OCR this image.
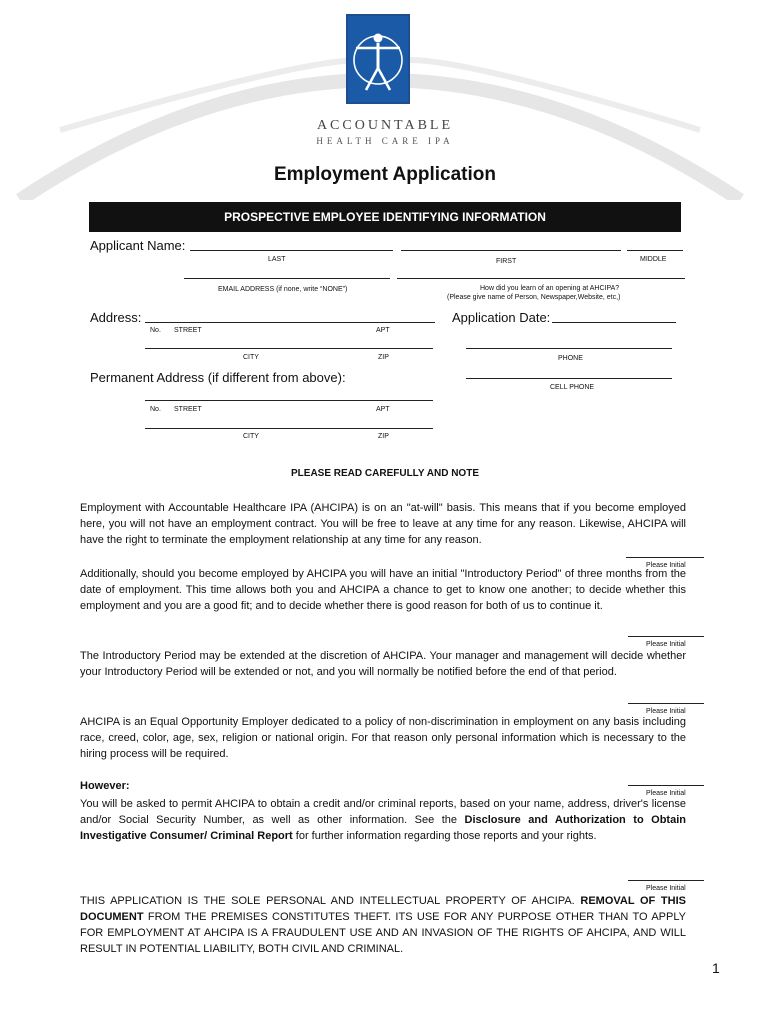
ACCOUNTABLE
HEALTH CARE IPA
Employment Application
PROSPECTIVE EMPLOYEE IDENTIFYING INFORMATION
Applicant Name:
LAST	FIRST	MIDDLE
EMAIL ADDRESS (if none, write “NONE”)	How did you learn of an opening at AHCIPA?
(Please give name of Person, Newspaper,Website, etc,)
Address:
No. STREET	APT
CITY	ZIP
Application Date:
PHONE
CELL PHONE
Permanent Address (if different from above):
No. STREET	APT
CITY	ZIP
PLEASE READ CAREFULLY AND NOTE
Employment with Accountable Healthcare IPA (AHCIPA) is on an "at-will" basis. This means that if you become employed here, you will not have an employment contract. You will be free to leave at any time for any reason. Likewise, AHCIPA will have the right to terminate the employment relationship at any time for any reason.
Please Initial
Additionally, should you become employed by AHCIPA you will have an initial "Introductory Period" of three months from the date of employment. This time allows both you and AHCIPA a chance to get to know one another; to decide whether this employment and you are a good fit; and to decide whether there is good reason for both of us to continue it.
Please Initial
The Introductory Period may be extended at the discretion of AHCIPA. Your manager and management will decide whether your Introductory Period will be extended or not, and you will normally be notified before the end of that period.
Please Initial
AHCIPA is an Equal Opportunity Employer dedicated to a policy of non-discrimination in employment on any basis including race, creed, color, age, sex, religion or national origin. For that reason only personal information which is necessary to the hiring process will be required.
Please Initial
However:
You will be asked to permit AHCIPA to obtain a credit and/or criminal reports, based on your name, address, driver's license and/or Social Security Number, as well as other information. See the Disclosure and Authorization to Obtain Investigative Consumer/ Criminal Report for further information regarding those reports and your rights.
Please Initial
THIS APPLICATION IS THE SOLE PERSONAL AND INTELLECTUAL PROPERTY OF AHCIPA. REMOVAL OF THIS DOCUMENT FROM THE PREMISES CONSTITUTES THEFT. ITS USE FOR ANY PURPOSE OTHER THAN TO APPLY FOR EMPLOYMENT AT AHCIPA IS A FRAUDULENT USE AND AN INVASION OF THE RIGHTS OF AHCIPA, AND WILL RESULT IN POTENTIAL LIABILITY, BOTH CIVIL AND CRIMINAL.
1
